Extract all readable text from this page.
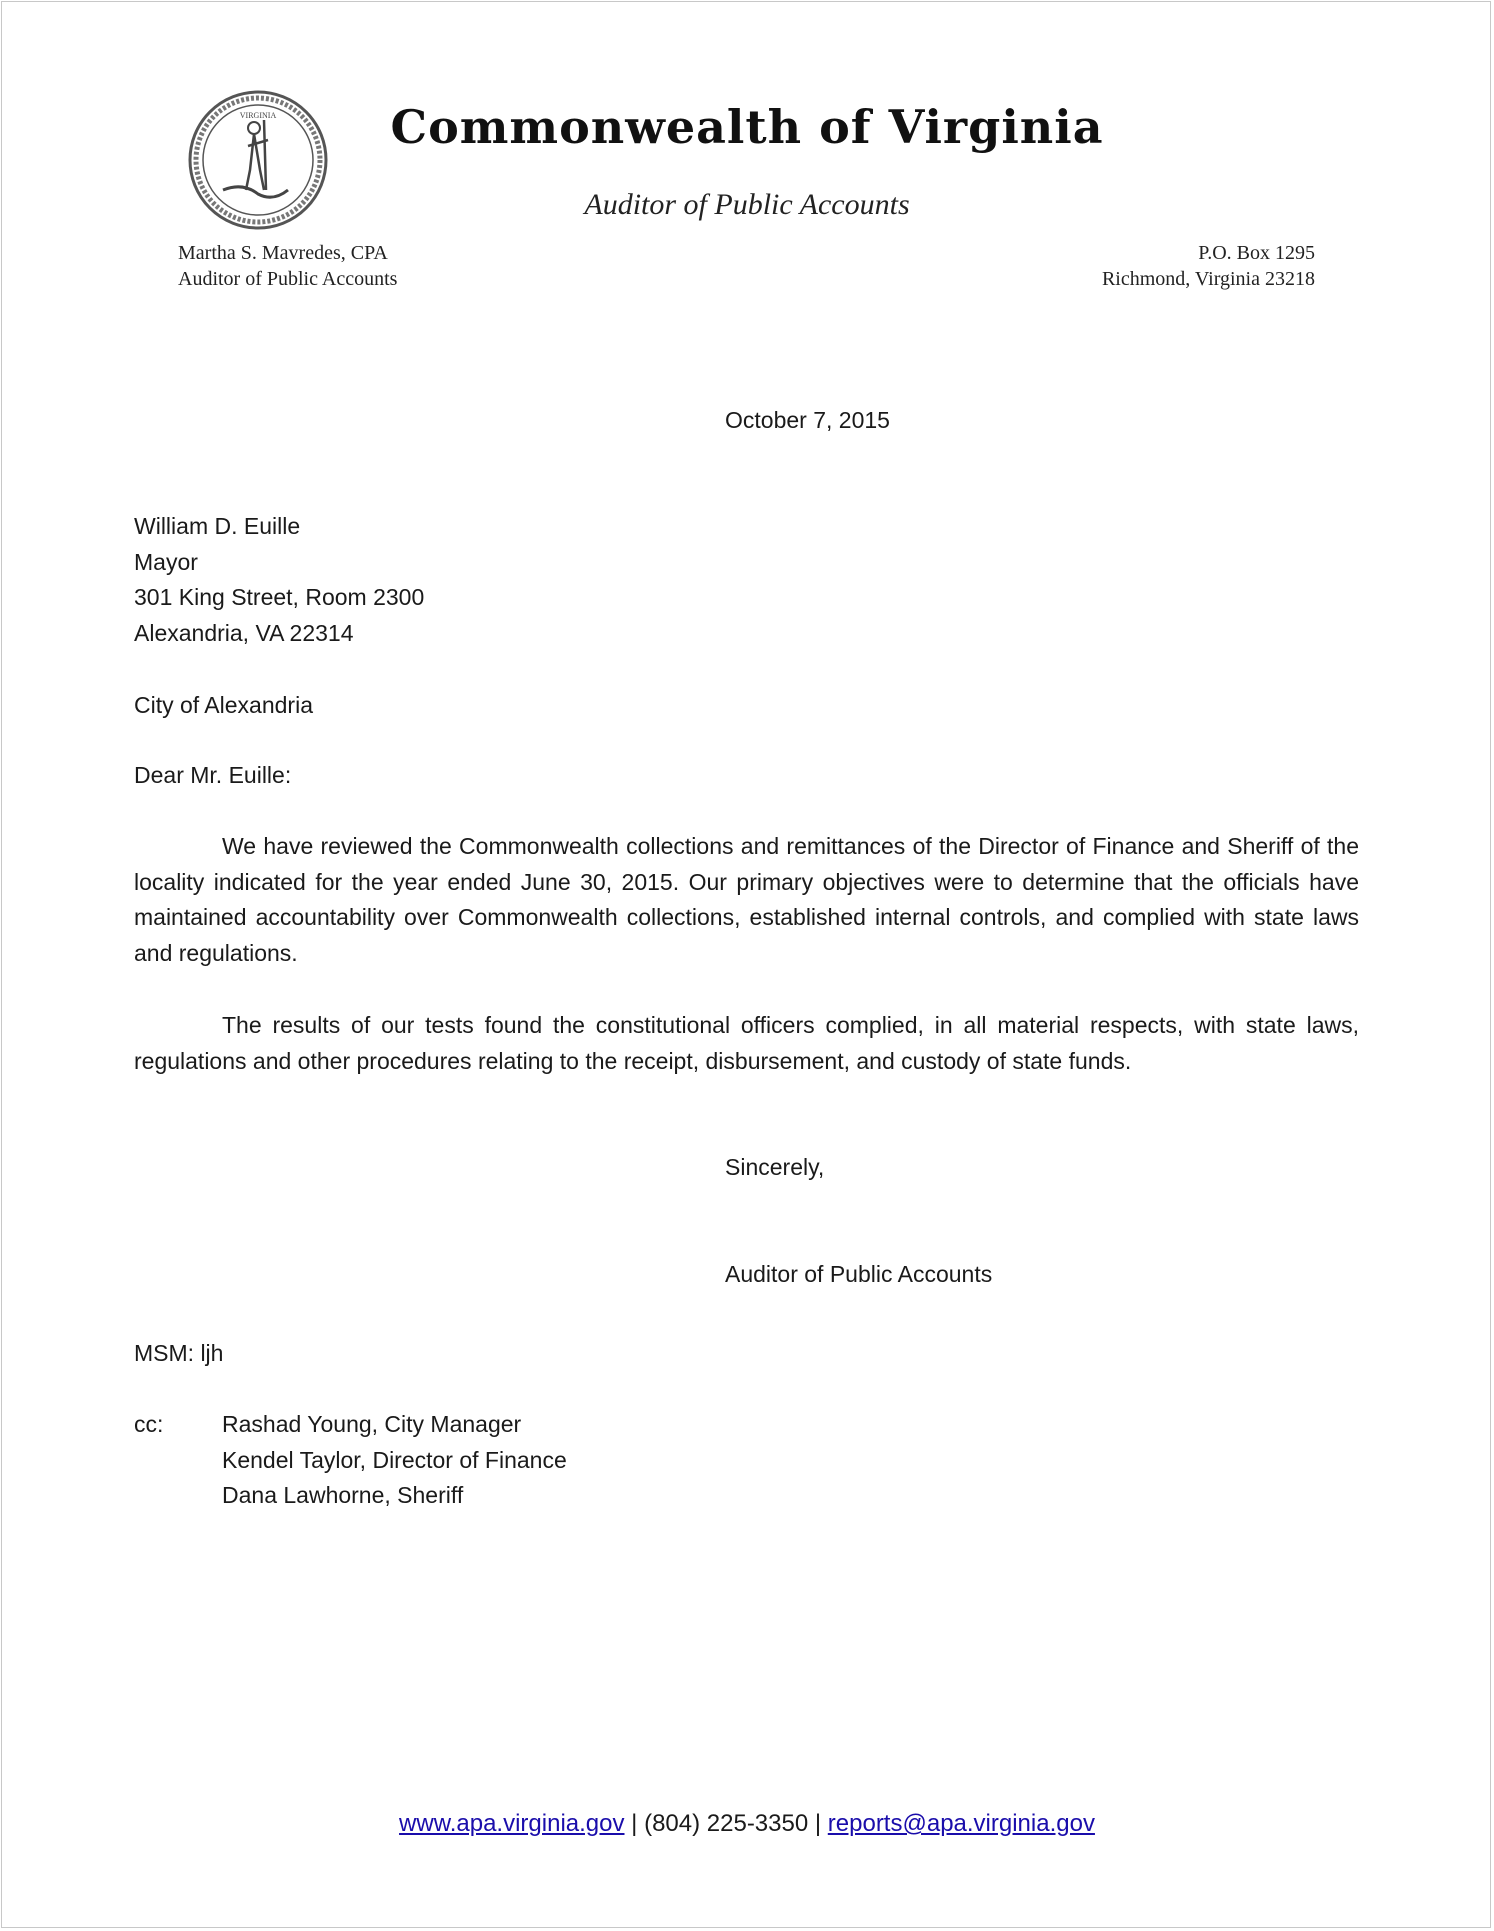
VIRGINIA	Commonwealth of Virginia
Auditor of Public Accounts
Martha S. Mavredes, CPA
Auditor of Public Accounts
P.O. Box 1295
Richmond, Virginia 23218
October 7, 2015
William D. Euille
Mayor
301 King Street, Room 2300
Alexandria, VA 22314
City of Alexandria
Dear Mr. Euille:
We have reviewed the Commonwealth collections and remittances of the Director of Finance and Sheriff of the locality indicated for the year ended June 30, 2015. Our primary objectives were to determine that the officials have maintained accountability over Commonwealth collections, established internal controls, and complied with state laws and regulations.
The results of our tests found the constitutional officers complied, in all material respects, with state laws, regulations and other procedures relating to the receipt, disbursement, and custody of state funds.
Sincerely,
Auditor of Public Accounts
MSM: ljh
cc:	Rashad Young, City Manager
Kendel Taylor, Director of Finance
Dana Lawhorne, Sheriff
www.apa.virginia.gov | (804) 225-3350 | reports@apa.virginia.gov
